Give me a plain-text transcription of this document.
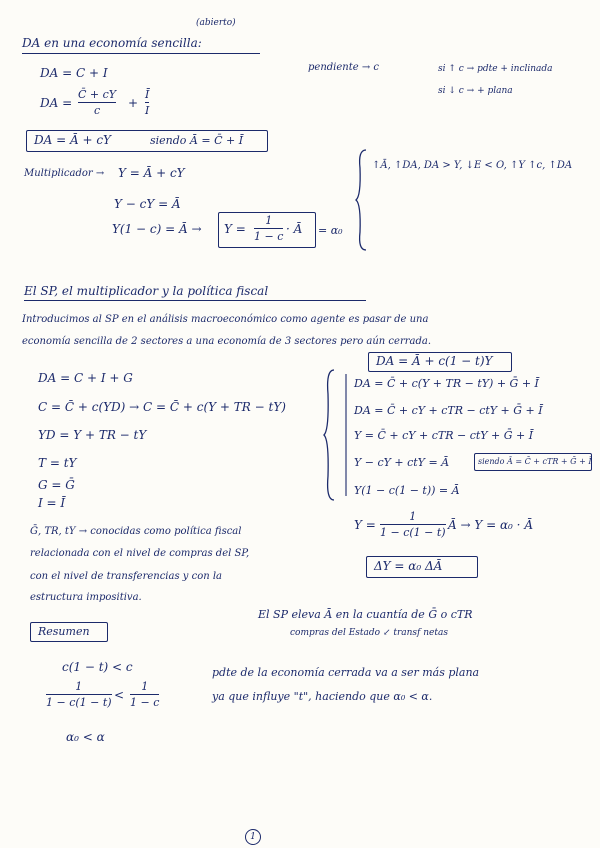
(abierto)
DA en una economía sencilla:
DA = C + I
DA =
C̄ + cY
c
+
Ī
I
DA = Ā + cY	siendo Ā = C̄ + Ī
pendiente → c	si ↑ c → pdte + inclinada
si ↓ c → + plana
Multiplicador → Y = Ā + cY
Y − cY = Ā
Y(1 − c) = Ā → Y =
1
1 − c
· Ā = α₀
↑Ā, ↑DA, DA > Y, ↓E < O, ↑Y ↑c, ↑DA
El SP, el multiplicador y la política fiscal
Introducimos al SP en el análisis macroeconómico como agente es pasar de una
economía sencilla de 2 sectores a una economía de 3 sectores pero aún cerrada.
DA = C + I + G
C = C̄ + c(YD) → C = C̄ + c(Y + TR − tY)
YD = Y + TR − tY
T = tY
G = Ḡ
I = Ī
DA = Ā + c(1 − t)Y
DA = C̄ + c(Y + TR − tY) + Ḡ + Ī
DA = C̄ + cY + cTR − ctY + Ḡ + Ī
Y = C̄ + cY + cTR − ctY + Ḡ + Ī
Y − cY + ctY = Ā	siendo Ā = C̄ + cTR + Ḡ + Ī
Y(1 − c(1 − t)) = Ā
Y =
1
1 − c(1 − t)
Ā → Y = α₀ · Ā
ΔY = α₀ ΔĀ
Ḡ, TR, tY → conocidas como política fiscal
relacionada con el nivel de compras del SP,
con el nivel de transferencias y con la
estructura impositiva.
El SP eleva Ā en la cuantía de Ḡ o cTR
compras del Estado ↙ transf netas
Resumen
c(1 − t) < c
1
1 − c(1 − t)
<
1
1 − c
α₀ < α
pdte de la economía cerrada va a ser más plana
ya que influye "t", haciendo que α₀ < α.
1
